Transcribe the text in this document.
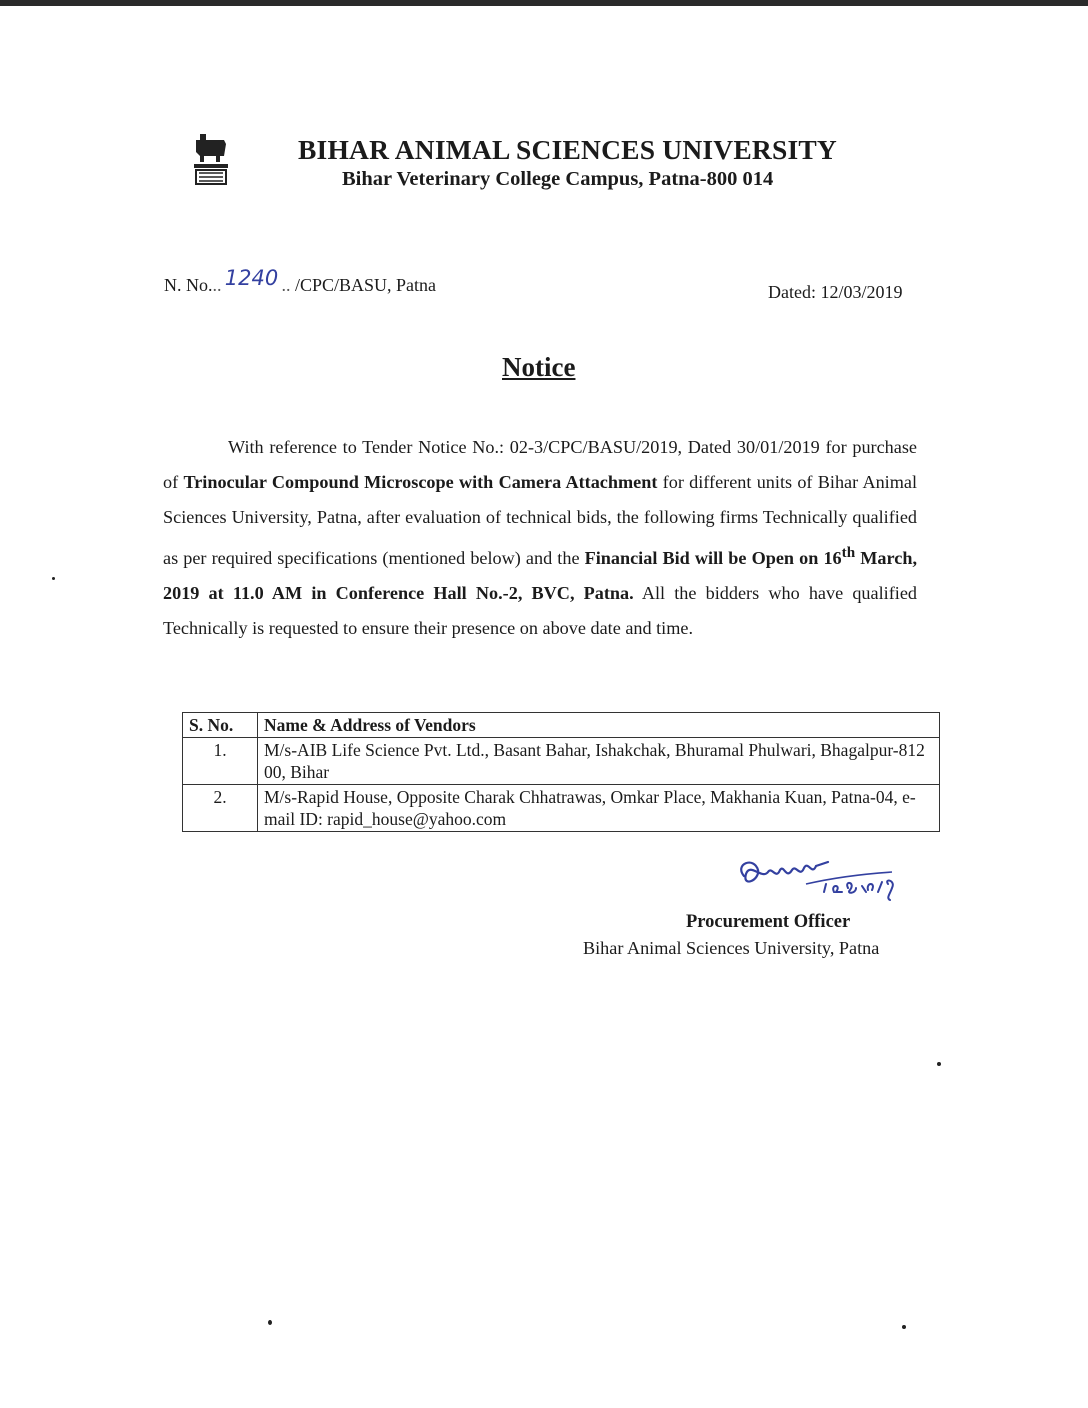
BIHAR ANIMAL SCIENCES UNIVERSITY
Bihar Veterinary College Campus, Patna-800 014
N. No... 1240 .. /CPC/BASU, Patna	Dated: 12/03/2019
Notice

With reference to Tender Notice No.: 02-3/CPC/BASU/2019, Dated 30/01/2019 for purchase of Trinocular Compound Microscope with Camera Attachment for different units of Bihar Animal Sciences University, Patna, after evaluation of technical bids, the following firms Technically qualified as per required specifications (mentioned below) and the Financial Bid will be Open on 16th March, 2019 at 11.0 AM in Conference Hall No.-2, BVC, Patna. All the bidders who have qualified Technically is requested to ensure their presence on above date and time.

S. No.	Name & Address of Vendors
1.	M/s-AIB Life Science Pvt. Ltd., Basant Bahar, Ishakchak, Bhuramal Phulwari, Bhagalpur-812 00, Bihar
2.	M/s-Rapid House, Opposite Charak Chhatrawas, Omkar Place, Makhania Kuan, Patna-04, e-mail ID: rapid_house@yahoo.com
Procurement Officer
Bihar Animal Sciences University, Patna
